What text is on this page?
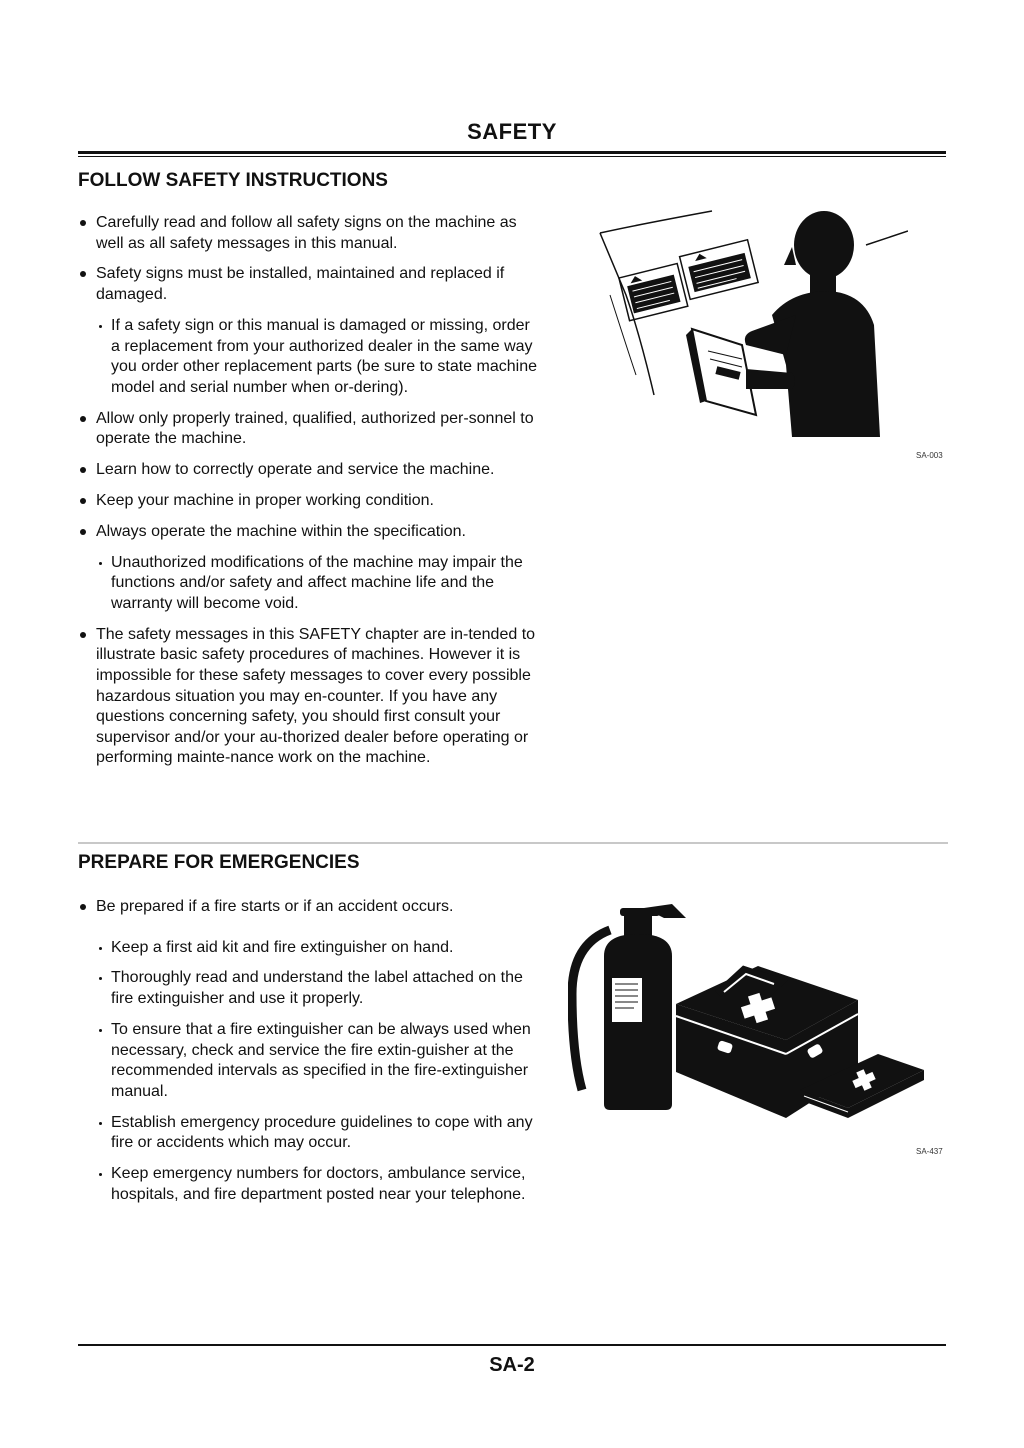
SAFETY
FOLLOW SAFETY INSTRUCTIONS

Carefully read and follow all safety signs on the machine as well as all safety messages in this manual.

Safety signs must be installed, maintained and replaced if damaged.

If a safety sign or this manual is damaged or missing, order a replacement from your authorized dealer in the same way you order other replacement parts (be sure to state machine model and serial number when or-dering).

Allow only properly trained, qualified, authorized per-sonnel to operate the machine.

Learn how to correctly operate and service the machine.

Keep your machine in proper working condition.

Always operate the machine within the specification.

Unauthorized modifications of the machine may impair the functions and/or safety and affect machine life and the warranty will become void.

The safety messages in this SAFETY chapter are in-tended to illustrate basic safety procedures of machines. However it is impossible for these safety messages to cover every possible hazardous situation you may en-counter. If you have any questions concerning safety, you should first consult your supervisor and/or your au-thorized dealer before operating or performing mainte-nance work on the machine.

SA-003
PREPARE FOR EMERGENCIES

Be prepared if a fire starts or if an accident occurs.

Keep a first aid kit and fire extinguisher on hand.

Thoroughly read and understand the label attached on the fire extinguisher and use it properly.

To ensure that a fire extinguisher can be always used when necessary, check and service the fire extin-guisher at the recommended intervals as specified in the fire-extinguisher manual.

Establish emergency procedure guidelines to cope with any fire or accidents which may occur.

Keep emergency numbers for doctors, ambulance service, hospitals, and fire department posted near your telephone.

SA-437
SA-2
